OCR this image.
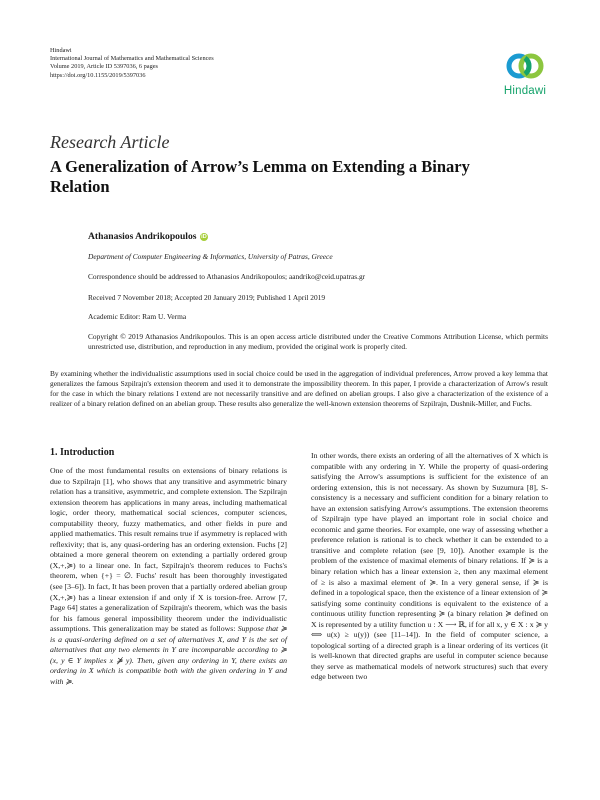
Hindawi
International Journal of Mathematics and Mathematical Sciences
Volume 2019, Article ID 5397036, 6 pages
https://doi.org/10.1155/2019/5397036
Hindawi
Research Article
A Generalization of Arrow’s Lemma on Extending a Binary Relation
Athanasios Andrikopoulos iD
Department of Computer Engineering & Informatics, University of Patras, Greece
Correspondence should be addressed to Athanasios Andrikopoulos; aandriko@ceid.upatras.gr
Received 7 November 2018; Accepted 20 January 2019; Published 1 April 2019
Academic Editor: Ram U. Verma
Copyright © 2019 Athanasios Andrikopoulos. This is an open access article distributed under the Creative Commons Attribution License, which permits unrestricted use, distribution, and reproduction in any medium, provided the original work is properly cited.
By examining whether the individualistic assumptions used in social choice could be used in the aggregation of individual preferences, Arrow proved a key lemma that generalizes the famous Szpilrajn's extension theorem and used it to demonstrate the impossibility theorem. In this paper, I provide a characterization of Arrow's result for the case in which the binary relations I extend are not necessarily transitive and are defined on abelian groups. I also give a characterization of the existence of a realizer of a binary relation defined on an abelian group. These results also generalize the well-known extension theorems of Szpilrajn, Dushnik-Miller, and Fuchs.
1. Introduction

One of the most fundamental results on extensions of binary relations is due to Szpilrajn [1], who shows that any transitive and asymmetric binary relation has a transitive, asymmetric, and complete extension. The Szpilrajn extension theorem has applications in many areas, including mathematical logic, order theory, mathematical social sciences, computer sciences, computability theory, fuzzy mathematics, and other fields in pure and applied mathematics. This result remains true if asymmetry is replaced with reflexivity; that is, any quasi-ordering has an ordering extension. Fuchs [2] obtained a more general theorem on extending a partially ordered group (X,+,≽) to a linear one. In fact, Szpilrajn's theorem reduces to Fuchs's theorem, when {+} = ∅. Fuchs' result has been thoroughly investigated (see [3–6]). In fact, It has been proven that a partially ordered abelian group (X,+,≽) has a linear extension if and only if X is torsion-free. Arrow [7, Page 64] states a generalization of Szpilrajn's theorem, which was the basis for his famous general impossibility theorem under the individualistic assumptions. This generalization may be stated as follows: Suppose that ≽ is a quasi-ordering defined on a set of alternatives X, and Y is the set of alternatives that any two elements in Y are incomparable according to ≽ (x, y ∈ Y implies x ⋡ y). Then, given any ordering in Y, there exists an ordering in X which is compatible both with the given ordering in Y and with ≽.

In other words, there exists an ordering of all the alternatives of X which is compatible with any ordering in Y. While the property of quasi-ordering satisfying the Arrow's assumptions is sufficient for the existence of an ordering extension, this is not necessary. As shown by Suzumura [8], S-consistency is a necessary and sufficient condition for a binary relation to have an extension satisfying Arrow's assumptions. The extension theorems of Szpilrajn type have played an important role in social choice and economic and game theories. For example, one way of assessing whether a preference relation is rational is to check whether it can be extended to a transitive and complete relation (see [9, 10]). Another example is the problem of the existence of maximal elements of binary relations. If ≽ is a binary relation which has a linear extension ≥, then any maximal element of ≥ is also a maximal element of ≽. In a very general sense, if ≽ is defined in a topological space, then the existence of a linear extension of ≽ satisfying some continuity conditions is equivalent to the existence of a continuous utility function representing ≽ (a binary relation ≽ defined on X is represented by a utility function u : X ⟶ ℝ, if for all x, y ∈ X : x ≽ y ⟺ u(x) ≥ u(y)) (see [11–14]). In the field of computer science, a topological sorting of a directed graph is a linear ordering of its vertices (it is well-known that directed graphs are useful in computer science because they serve as mathematical models of network structures) such that every edge between two
